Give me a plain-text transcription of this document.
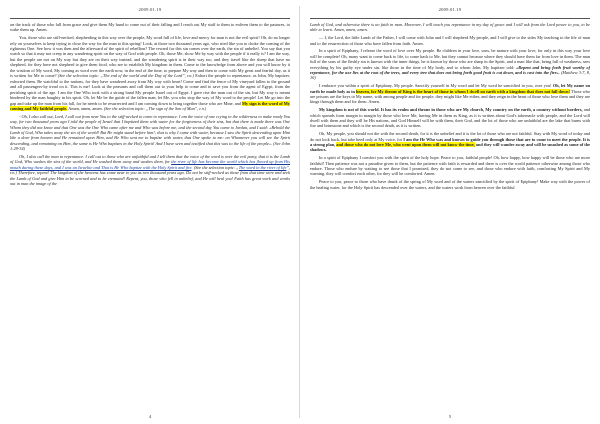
2009.01.19

on the track of those who fall from grace and give them My hand to come out of their falling and I reach out My staff to them to enliven them to the pastures, to wake them up. Amen.

You, those who are stiff-necked, shepherding in this way over the people, My word full of life, love and mercy for man is not the evil spirit! Oh, do no longer rely on yourselves to keep trying to close the way for the man to this spring! Look, at those two thousand years ago, who tried like you to choke the coming of the righteous One. See how it was then and the afterward of the spirit of rebellion? The reward for this sin comes over the earth, the sin of unbelief. You say that you watch so that it may not creep in any wandering spirit on the way of God with people. Oh, those Me, show Me by way with the people if it really is? I am the way, but the people are not on My way but they are on their way instead, and the wandering spirit is in their way too, and they travel like the sheep that have no shepherd, for they have not shepherd to give them food, who are to establish My kingdom in them. Come to the knowledge from above and you will know by it the wisdom of My word, My coming as word over the earth now, in the end of the time, to prepare My way and then to come with My great and fearful day, as it is written for Me to come? (See the selection topic: „The end of the world and the Day of the Lord”, r.n.) Exhort the people to repentance, as John, My baptizer, exhorted them. Be watchful to the nations, for they have wandered away from My way with heart! Come and find the fence of My vineyard fallen to the ground and all passengers-by tread on it. This is me! Look at the peasants and call them out to your help to come and to save you from the agent of Egypt, from the perishing spirit of the age. I am the One Who took with a strong hand My people Israel out of Egypt. I gave rise the man out of the sin, but My way is meant hindered by the man haughty in his spirit. Oh, let Me be the guide of the fallen man; let Me, you who stop the way of My word to the people! Let Me go into the gap and take up the man from his fall, for he needs to be resurrected and I am coming down to bring together those who are Mine, and My sign is the word of My coming and My faithful people. Amen, amen, amen. (See the selection topic: „The sign of the Son of Man”, r.n.)

- Oh, I also call out, Lord, I call out from near You to the stiff-necked to come to repentance. I am the voice of one crying in the wilderness to make ready You way, for two thousand years ago I told the people of Israel that I baptized them with water for the forgiveness of their sins, but that there is made there was One Whom they did not know and that One was the One Who came after me and Who was before me, and the second day You came to Jordan, and I said: «Behold the Lamb of God, Who takes away the sin of the world! But He might stand before him!; that is why I came with water, because I saw the Spirit descending upon Him like a dove from heaven and He remained upon Him, and He Who sent me to baptize with water, that One spoke to me: on Whomever you will see the Spirit descending, and remaining on Him, the same is He Who baptizes in the Holy Spirit! And I have seen and testified that this was to the life of the people». (See John 1:29-34)

Oh, I also call the man to repentance. I call out to those who are unfaithful and I tell them that the voice of the word is over the evil party, that it is the Lamb of God, Who washes the sins of the world, and He washed them away and washes them, for the river of life has become the world which has flowed up from His mouth during these days, and I was an Israelite and That is He Who baptize with the Holy Spirit and fire. (See the selection topic: „The word in the river of life”, r.n.) Therefore, repent! The kingdom of the heavens has come near to you as two thousand years ago. Do not be stiff-necked as those from that time were and seek the Lamb of God and give Him to be scorned and to be cremated! Repent, you, those who fell in unbelief, and He will heal you! Faith has great work and works out in man the image of the

4
2009.01.19

Lamb of God, and otherwise there is no faith in man. Moreover, I will teach you repentance in my day of grace and I will ask from the Lord power to you, to be able to learn. Amen, amen, amen.

— I, the Lord, the little Lamb of the Father, I will come with John and I will shepherd My people, and I will give to the sides My teaching to the life of man and to the resurrection of those who have fallen from faith. Amen.

In a spirit of Epiphany, I release the word of love over My people. Be children in your love, sons, be mature with your love, for only in this way your love will be complete! Oh, many want to come back to life, to come back to Me, but they cannot because where they should have them far from love in them. The man full of the sons of the fleshly sin is known with the inner things, he is known by those who are sharp in the Spirit, and a man like that, being full of weakness, sees everything by his guilty eye under sin, like those in the time of My body, and to whom John, My baptizer told: «Repent and bring forth fruit worthy of repentance, for the axe lies at the root of the trees, and every tree that does not bring forth good fruit is cut down, and is cast into the fire». (Matthew 3:7, 8, 10)

I embrace you within a spirit of Epiphany, My people. Sanctify yourself in My word and let My word be sanctified in you, over you! Oh, let My name on earth be made holy as in heaven, for My throne of King is the heart of those in whom I dwell on earth with a kingdom that does not fall down! Those who are prisons are the keys to My name, with among people and for people, they might like Me either, and they reign in the heart of those who love them and they are kings through them and for them. Amen.

My kingdom is not of this world. It has its realm and throne in those who are My church, My country on the earth, a country without borders, and which spreads from margin to margin by those who love Me, having Me in them as King, as it is written about God's tabernacle with people, and the Lord will dwell with them and they will be His nations, and God Himself will be with them, their God, and the lot of those who are unfaithful are the lake that burns with fire and brimstone and which is the second death, as it is written.

Oh, My people, you should not die with the second death, for it is the unbelief and it is the lot of those who are not faithful. Stay with My word of today and do not look back, but take heed only at My voice, for I am the He Who was and known to guide you through those that are to come to meet the people. It is a strong plan, and those who do not love Me, who went upon them will not know the time, and they will wander away and will be smashed as some of the shadows.

In a spirit of Epiphany I comfort you with the spirit of the holy hope. Peace to you, faithful people! Oh, how happy, how happy will be those who are more faithful! Then patience was not a paradise given to them, but the patience with faith is rewarded and there is over the world patience otherwise among those who endure. Those who endure by waiting to see those that I promised, they do not come to see, and those who endure with faith, comforting My Spirit and My warning, they will comfort each other, for they will be comforted. Amen.

Peace to you, peace to those who have drunk of the spring of My word and of the waters sanctified by the spirit of Epiphany! Make way with the power of the healing water, for the Holy Spirit has descended over the waters, and the waters work from heaven over the faithful

5
